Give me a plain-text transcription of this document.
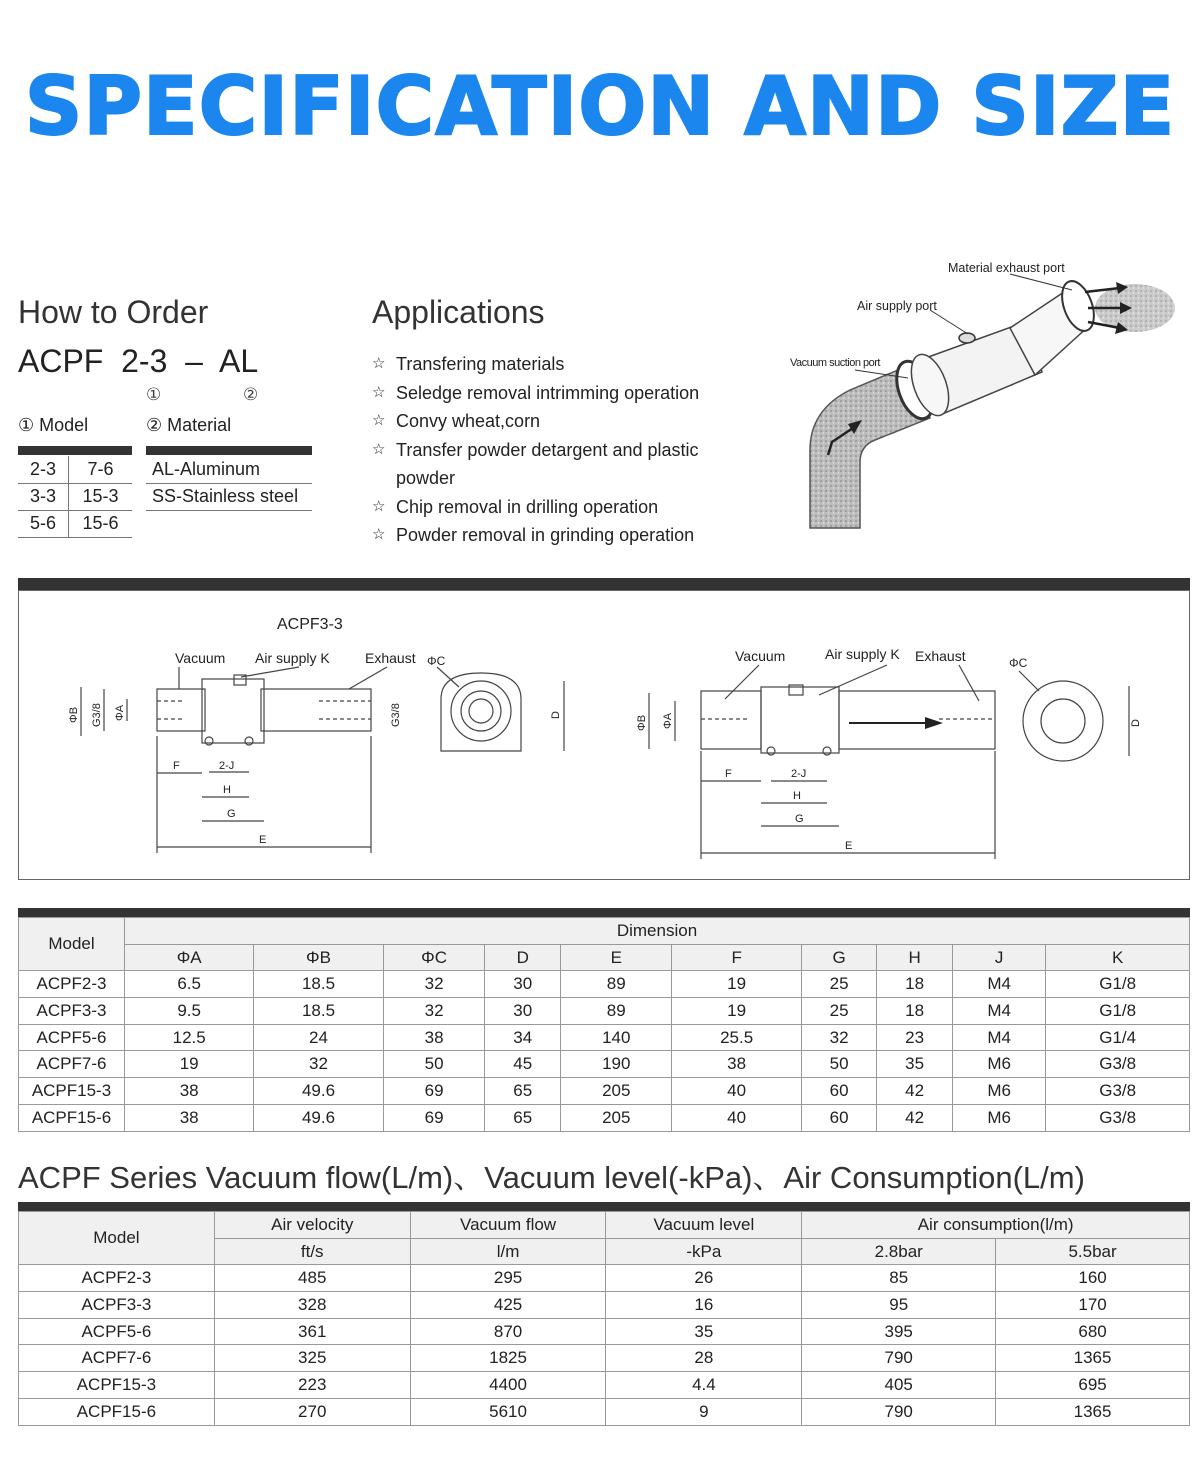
SPECIFICATION AND SIZE
How to Order
ACPF  2-3  –  AL
①	②
① Model	② Material
2-3	7-6
3-3	15-3
5-6	15-6
AL-Aluminum
SS-Stainless steel
Applications
☆ Transfering materials
☆ Seledge removal intrimming operation
☆ Convy wheat,corn
☆ Transfer powder detargent and plastic powder
☆ Chip removal in drilling operation
☆ Powder removal in grinding operation
Material exhaust port
Air supply port
Vacuum suction port
ACPF3-3
Vacuum Air supply K	Exhaust ΦC	Vacuum	Air supply K Exhaust	ΦC
ΦB G3/8 ΦA	G3/8	D
F	2-J
H
G
E
ΦB ΦA	D
F	2-J
H
G
E
Model	Dimension									
	ΦA	ΦB	ΦC	D	E	F	G	H	J	K
ACPF2-3	6.5	18.5	32	30	89	19	25	18	M4	G1/8
ACPF3-3	9.5	18.5	32	30	89	19	25	18	M4	G1/8
ACPF5-6	12.5	24	38	34	140	25.5	32	23	M4	G1/4
ACPF7-6	19	32	50	45	190	38	50	35	M6	G3/8
ACPF15-3	38	49.6	69	65	205	40	60	42	M6	G3/8
ACPF15-6	38	49.6	69	65	205	40	60	42	M6	G3/8
ACPF Series Vacuum flow(L/m)、Vacuum level(-kPa)、Air Consumption(L/m)
Model	Air velocity	Vacuum flow	Vacuum level	Air consumption(l/m)	
	ft/s	l/m	-kPa	2.8bar	5.5bar
ACPF2-3	485	295	26	85	160
ACPF3-3	328	425	16	95	170
ACPF5-6	361	870	35	395	680
ACPF7-6	325	1825	28	790	1365
ACPF15-3	223	4400	4.4	405	695
ACPF15-6	270	5610	9	790	1365
